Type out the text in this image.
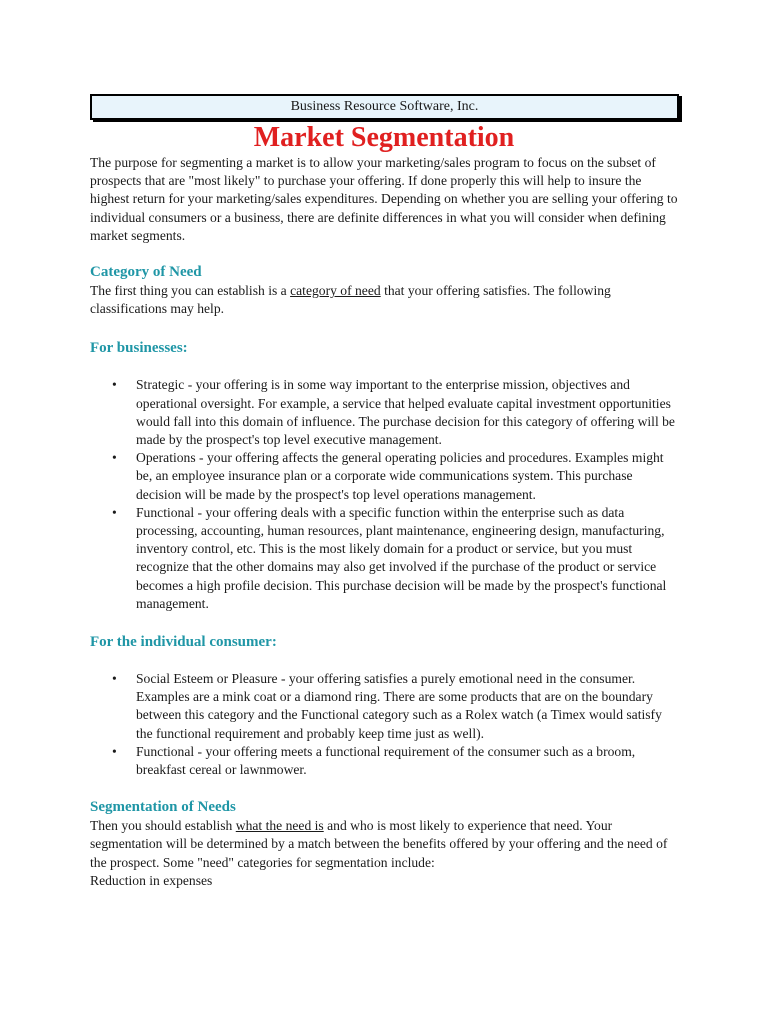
Business Resource Software, Inc.
Market Segmentation

The purpose for segmenting a market is to allow your marketing/sales program to focus on the subset of prospects that are "most likely" to purchase your offering. If done properly this will help to insure the highest return for your marketing/sales expenditures. Depending on whether you are selling your offering to individual consumers or a business, there are definite differences in what you will consider when defining market segments.

Category of Need

The first thing you can establish is a category of need that your offering satisfies. The following classifications may help.

For businesses:
• Strategic - your offering is in some way important to the enterprise mission, objectives and operational oversight. For example, a service that helped evaluate capital investment opportunities would fall into this domain of influence. The purchase decision for this category of offering will be made by the prospect's top level executive management.
• Operations - your offering affects the general operating policies and procedures. Examples might be, an employee insurance plan or a corporate wide communications system. This purchase decision will be made by the prospect's top level operations management.
• Functional - your offering deals with a specific function within the enterprise such as data processing, accounting, human resources, plant maintenance, engineering design, manufacturing, inventory control, etc. This is the most likely domain for a product or service, but you must recognize that the other domains may also get involved if the purchase of the product or service becomes a high profile decision. This purchase decision will be made by the prospect's functional management.
For the individual consumer:
• Social Esteem or Pleasure - your offering satisfies a purely emotional need in the consumer. Examples are a mink coat or a diamond ring. There are some products that are on the boundary between this category and the Functional category such as a Rolex watch (a Timex would satisfy the functional requirement and probably keep time just as well).
• Functional - your offering meets a functional requirement of the consumer such as a broom, breakfast cereal or lawnmower.
Segmentation of Needs

Then you should establish what the need is and who is most likely to experience that need. Your segmentation will be determined by a match between the benefits offered by your offering and the need of the prospect. Some "need" categories for segmentation include:

Reduction in expenses
